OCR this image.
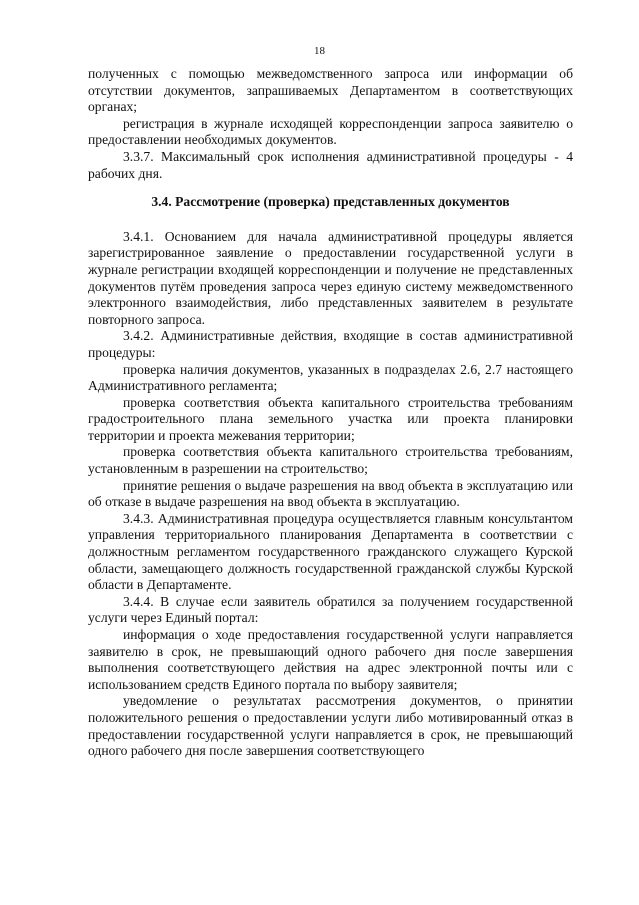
18

полученных с помощью межведомственного запроса или информации об отсутствии документов, запрашиваемых Департаментом в соответствующих органах;

регистрация в журнале исходящей корреспонденции запроса заявителю о предоставлении необходимых документов.

3.3.7. Максимальный срок исполнения административной процедуры - 4 рабочих дня.

3.4. Рассмотрение (проверка) представленных документов

3.4.1. Основанием для начала административной процедуры является зарегистрированное заявление о предоставлении государственной услуги в журнале регистрации входящей корреспонденции и получение не представленных документов путём проведения запроса через единую систему межведомственного электронного взаимодействия, либо представленных заявителем в результате повторного запроса.

3.4.2. Административные действия, входящие в состав административной процедуры:

проверка наличия документов, указанных в подразделах 2.6, 2.7 настоящего Административного регламента;

проверка соответствия объекта капитального строительства требованиям градостроительного плана земельного участка или проекта планировки территории и проекта межевания территории;

проверка соответствия объекта капитального строительства требованиям, установленным в разрешении на строительство;

принятие решения о выдаче разрешения на ввод объекта в эксплуатацию или об отказе в выдаче разрешения на ввод объекта в эксплуатацию.

3.4.3. Административная процедура осуществляется главным консультантом управления территориального планирования Департамента в соответствии с должностным регламентом государственного гражданского служащего Курской области, замещающего должность государственной гражданской службы Курской области в Департаменте.

3.4.4. В случае если заявитель обратился за получением государственной услуги через Единый портал:

информация о ходе предоставления государственной услуги направляется заявителю в срок, не превышающий одного рабочего дня после завершения выполнения соответствующего действия на адрес электронной почты или с использованием средств Единого портала по выбору заявителя;

уведомление о результатах рассмотрения документов, о принятии положительного решения о предоставлении услуги либо мотивированный отказ в предоставлении государственной услуги направляется в срок, не превышающий одного рабочего дня после завершения соответствующего
